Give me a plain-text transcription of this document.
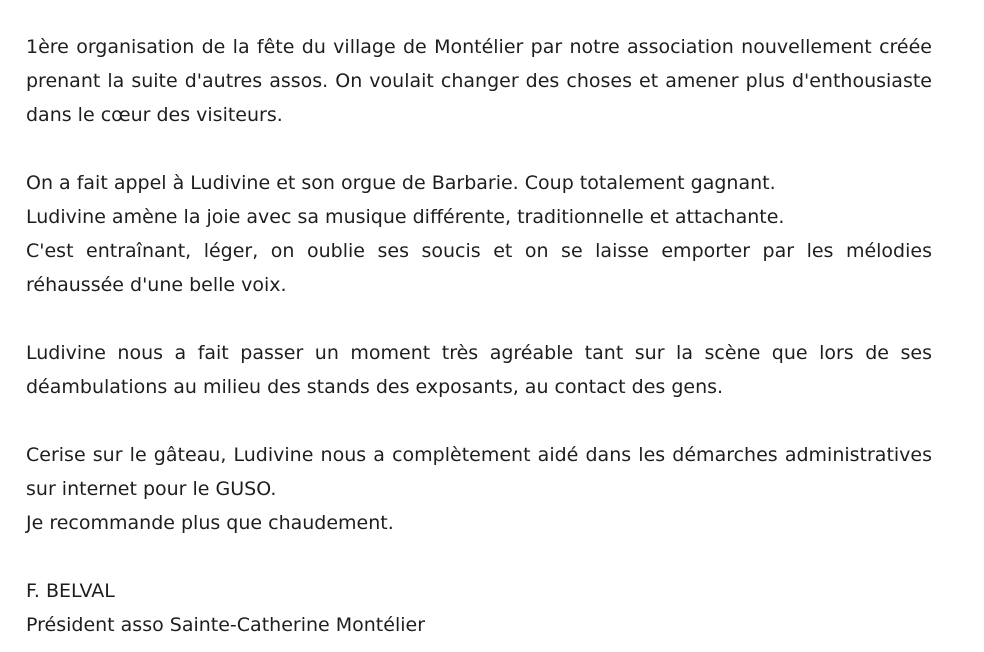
1ère organisation de la fête du village de Montélier par notre association nouvellement créée prenant la suite d'autres assos. On voulait changer des choses et amener plus d'enthousiaste dans le cœur des visiteurs.
On a fait appel à Ludivine et son orgue de Barbarie. Coup totalement gagnant.
Ludivine amène la joie avec sa musique différente, traditionnelle et attachante.
C'est entraînant, léger, on oublie ses soucis et on se laisse emporter par les mélodies réhaussée d'une belle voix.
Ludivine nous a fait passer un moment très agréable tant sur la scène que lors de ses déambulations au milieu des stands des exposants, au contact des gens.
Cerise sur le gâteau, Ludivine nous a complètement aidé dans les démarches administratives sur internet pour le GUSO.
Je recommande plus que chaudement.
F. BELVAL
Président asso Sainte-Catherine Montélier
